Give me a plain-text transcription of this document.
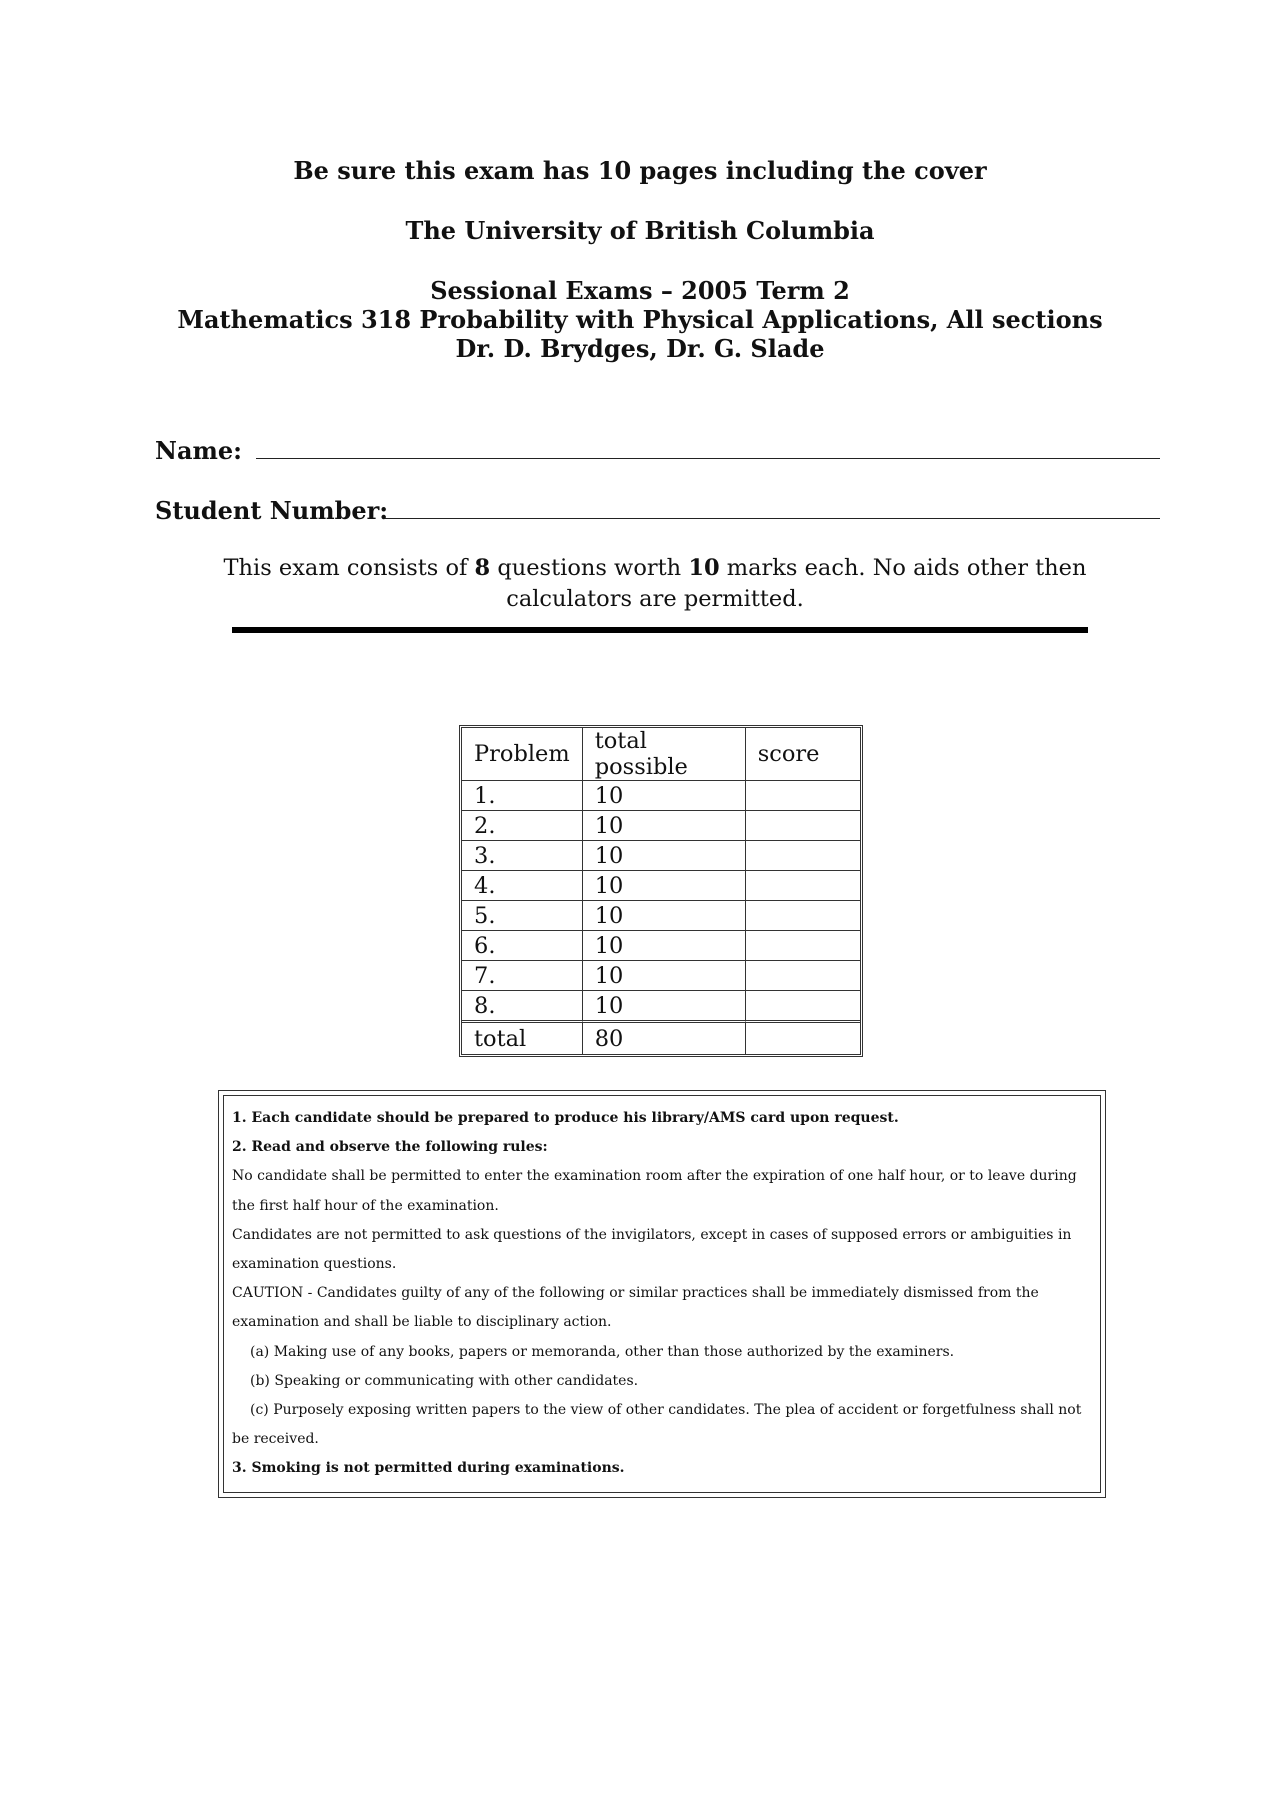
Be sure this exam has 10 pages including the cover
The University of British Columbia
Sessional Exams – 2005 Term 2
Mathematics 318 Probability with Physical Applications, All sections
Dr. D. Brydges, Dr. G. Slade
Name:
Student Number:
This exam consists of 8 questions worth 10 marks each. No aids other then calculators are permitted.
Problem	total possible	score
1.	10	
2.	10	
3.	10	
4.	10	
5.	10	
6.	10	
7.	10	
8.	10	
total	80	
1. Each candidate should be prepared to produce his library/AMS card upon request.
2. Read and observe the following rules:
No candidate shall be permitted to enter the examination room after the expiration of one half hour, or to leave during the first half hour of the examination.
Candidates are not permitted to ask questions of the invigilators, except in cases of supposed errors or ambiguities in examination questions.
CAUTION - Candidates guilty of any of the following or similar practices shall be immediately dismissed from the examination and shall be liable to disciplinary action.
(a) Making use of any books, papers or memoranda, other than those authorized by the examiners.
(b) Speaking or communicating with other candidates.
(c) Purposely exposing written papers to the view of other candidates. The plea of accident or forgetfulness shall not be received.
3. Smoking is not permitted during examinations.
